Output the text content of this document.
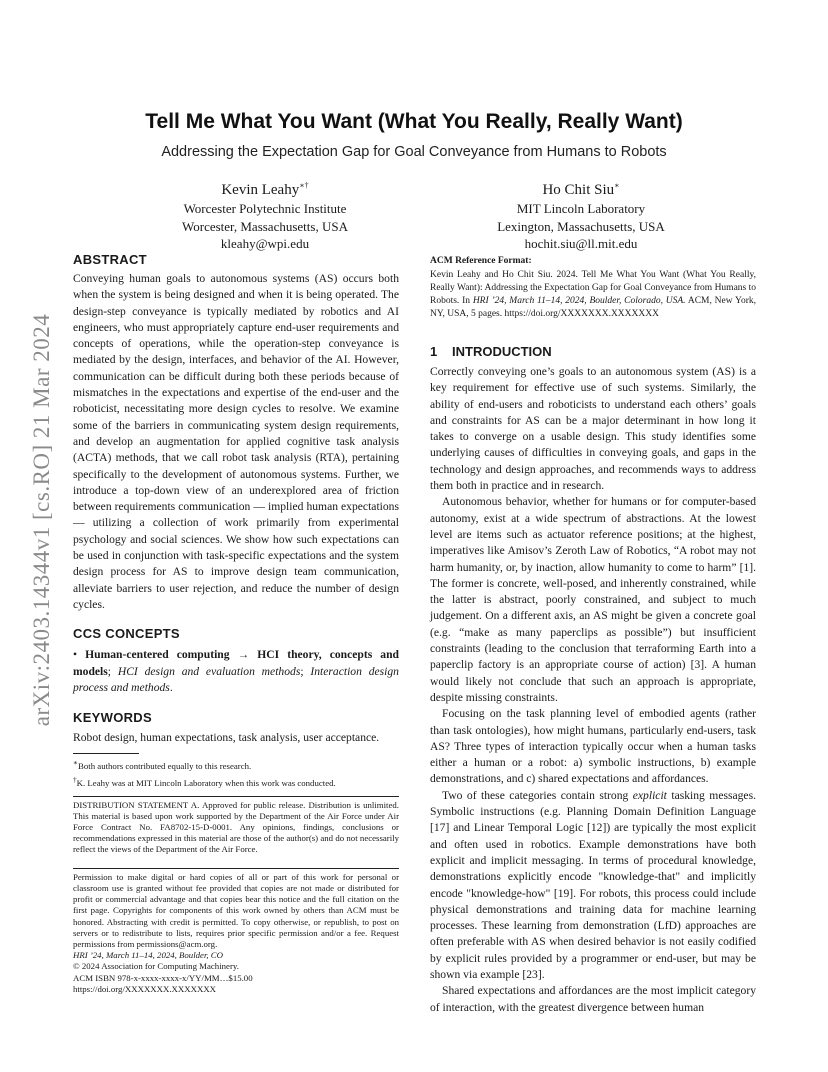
arXiv:2403.14344v1 [cs.RO] 21 Mar 2024
Tell Me What You Want (What You Really, Really Want)
Addressing the Expectation Gap for Goal Conveyance from Humans to Robots
Kevin Leahy∗†
Worcester Polytechnic Institute
Worcester, Massachusetts, USA
kleahy@wpi.edu
Ho Chit Siu∗
MIT Lincoln Laboratory
Lexington, Massachusetts, USA
hochit.siu@ll.mit.edu
ABSTRACT

Conveying human goals to autonomous systems (AS) occurs both when the system is being designed and when it is being operated. The design-step conveyance is typically mediated by robotics and AI engineers, who must appropriately capture end-user requirements and concepts of operations, while the operation-step conveyance is mediated by the design, interfaces, and behavior of the AI. However, communication can be difficult during both these periods because of mismatches in the expectations and expertise of the end-user and the roboticist, necessitating more design cycles to resolve. We examine some of the barriers in communicating system design requirements, and develop an augmentation for applied cognitive task analysis (ACTA) methods, that we call robot task analysis (RTA), pertaining specifically to the development of autonomous systems. Further, we introduce a top-down view of an underexplored area of friction between requirements communication — implied human expectations — utilizing a collection of work primarily from experimental psychology and social sciences. We show how such expectations can be used in conjunction with task-specific expectations and the system design process for AS to improve design team communication, alleviate barriers to user rejection, and reduce the number of design cycles.

CCS CONCEPTS

• Human-centered computing → HCI theory, concepts and models; HCI design and evaluation methods; Interaction design process and methods.

KEYWORDS

Robot design, human expectations, task analysis, user acceptance.

∗Both authors contributed equally to this research.

†K. Leahy was at MIT Lincoln Laboratory when this work was conducted.

DISTRIBUTION STATEMENT A. Approved for public release. Distribution is unlimited. This material is based upon work supported by the Department of the Air Force under Air Force Contract No. FA8702-15-D-0001. Any opinions, findings, conclusions or recommendations expressed in this material are those of the author(s) and do not necessarily reflect the views of the Department of the Air Force.

Permission to make digital or hard copies of all or part of this work for personal or classroom use is granted without fee provided that copies are not made or distributed for profit or commercial advantage and that copies bear this notice and the full citation on the first page. Copyrights for components of this work owned by others than ACM must be honored. Abstracting with credit is permitted. To copy otherwise, or republish, to post on servers or to redistribute to lists, requires prior specific permission and/or a fee. Request permissions from permissions@acm.org.

HRI ’24, March 11–14, 2024, Boulder, CO

© 2024 Association for Computing Machinery.

ACM ISBN 978-x-xxxx-xxxx-x/YY/MM…$15.00

https://doi.org/XXXXXXX.XXXXXXX

ACM Reference Format:

Kevin Leahy and Ho Chit Siu. 2024. Tell Me What You Want (What You Really, Really Want): Addressing the Expectation Gap for Goal Conveyance from Humans to Robots. In HRI ’24, March 11–14, 2024, Boulder, Colorado, USA. ACM, New York, NY, USA, 5 pages. https://doi.org/XXXXXXX.XXXXXXX

1 INTRODUCTION

Correctly conveying one’s goals to an autonomous system (AS) is a key requirement for effective use of such systems. Similarly, the ability of end-users and roboticists to understand each others’ goals and constraints for AS can be a major determinant in how long it takes to converge on a usable design. This study identifies some underlying causes of difficulties in conveying goals, and gaps in the technology and design approaches, and recommends ways to address them both in practice and in research.

Autonomous behavior, whether for humans or for computer-based autonomy, exist at a wide spectrum of abstractions. At the lowest level are items such as actuator reference positions; at the highest, imperatives like Amisov’s Zeroth Law of Robotics, “A robot may not harm humanity, or, by inaction, allow humanity to come to harm” [1]. The former is concrete, well-posed, and inherently constrained, while the latter is abstract, poorly constrained, and subject to much judgement. On a different axis, an AS might be given a concrete goal (e.g. “make as many paperclips as possible”) but insufficient constraints (leading to the conclusion that terraforming Earth into a paperclip factory is an appropriate course of action) [3]. A human would likely not conclude that such an approach is appropriate, despite missing constraints.

Focusing on the task planning level of embodied agents (rather than task ontologies), how might humans, particularly end-users, task AS? Three types of interaction typically occur when a human tasks either a human or a robot: a) symbolic instructions, b) example demonstrations, and c) shared expectations and affordances.

Two of these categories contain strong explicit tasking messages. Symbolic instructions (e.g. Planning Domain Definition Language [17] and Linear Temporal Logic [12]) are typically the most explicit and often used in robotics. Example demonstrations have both explicit and implicit messaging. In terms of procedural knowledge, demonstrations explicitly encode "knowledge-that" and implicitly encode "knowledge-how" [19]. For robots, this process could include physical demonstrations and training data for machine learning processes. These learning from demonstration (LfD) approaches are often preferable with AS when desired behavior is not easily codified by explicit rules provided by a programmer or end-user, but may be shown via example [23].

Shared expectations and affordances are the most implicit category of interaction, with the greatest divergence between human
